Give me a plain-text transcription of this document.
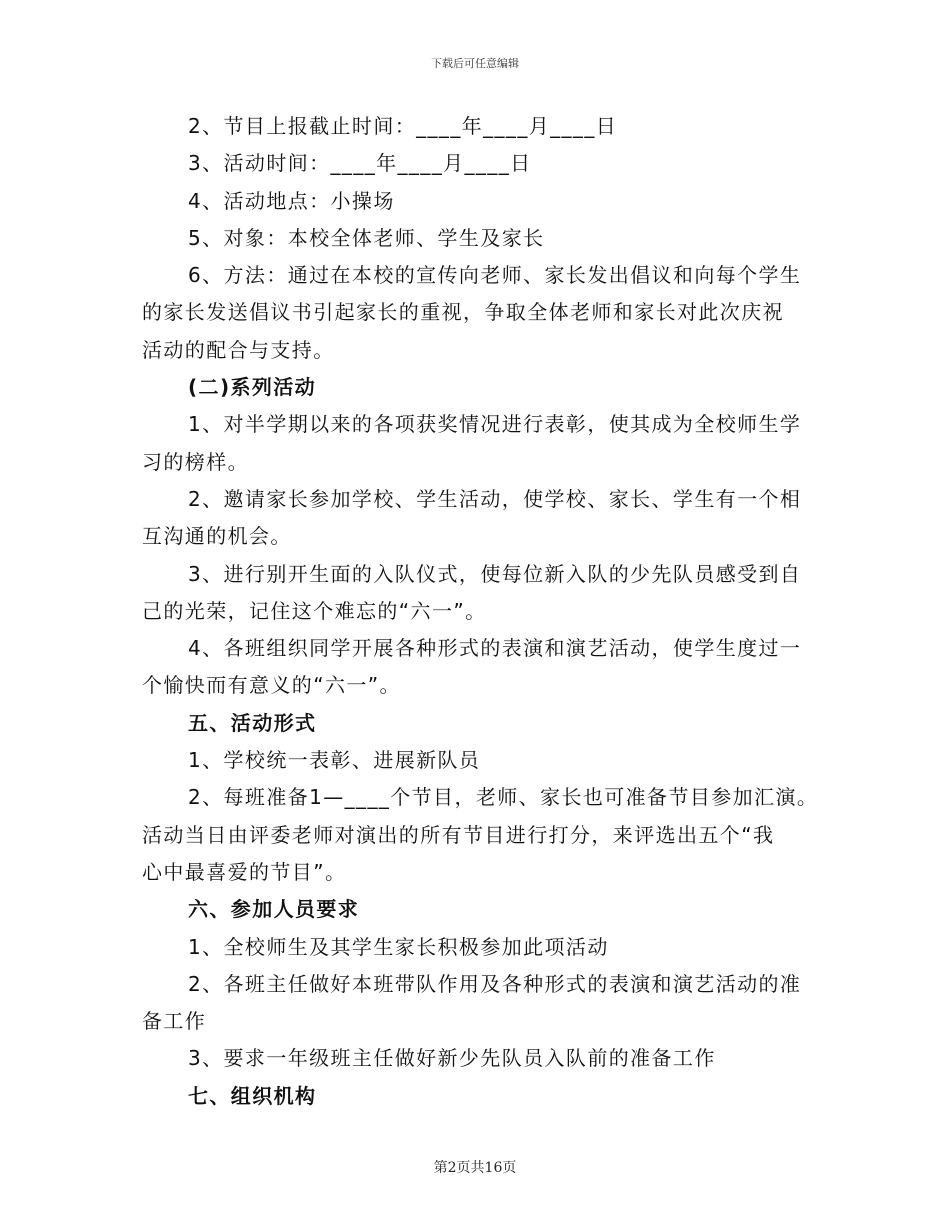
下载后可任意编辑
2、节目上报截止时间：____年____月____日
3、活动时间：____年____月____日
4、活动地点：小操场
5、对象：本校全体老师、学生及家长
6、方法：通过在本校的宣传向老师、家长发出倡议和向每个学生
的家长发送倡议书引起家长的重视，争取全体老师和家长对此次庆祝
活动的配合与支持。
(二)系列活动
1、对半学期以来的各项获奖情况进行表彰，使其成为全校师生学
习的榜样。
2、邀请家长参加学校、学生活动，使学校、家长、学生有一个相
互沟通的机会。
3、进行别开生面的入队仪式，使每位新入队的少先队员感受到自
己的光荣，记住这个难忘的“六一”。
4、各班组织同学开展各种形式的表演和演艺活动，使学生度过一
个愉快而有意义的“六一”。
五、活动形式
1、学校统一表彰、进展新队员
2、每班准备1—____个节目，老师、家长也可准备节目参加汇演。
活动当日由评委老师对演出的所有节目进行打分，来评选出五个“我
心中最喜爱的节目”。
六、参加人员要求
1、全校师生及其学生家长积极参加此项活动
2、各班主任做好本班带队作用及各种形式的表演和演艺活动的准
备工作
3、要求一年级班主任做好新少先队员入队前的准备工作
七、组织机构
第2页共16页
